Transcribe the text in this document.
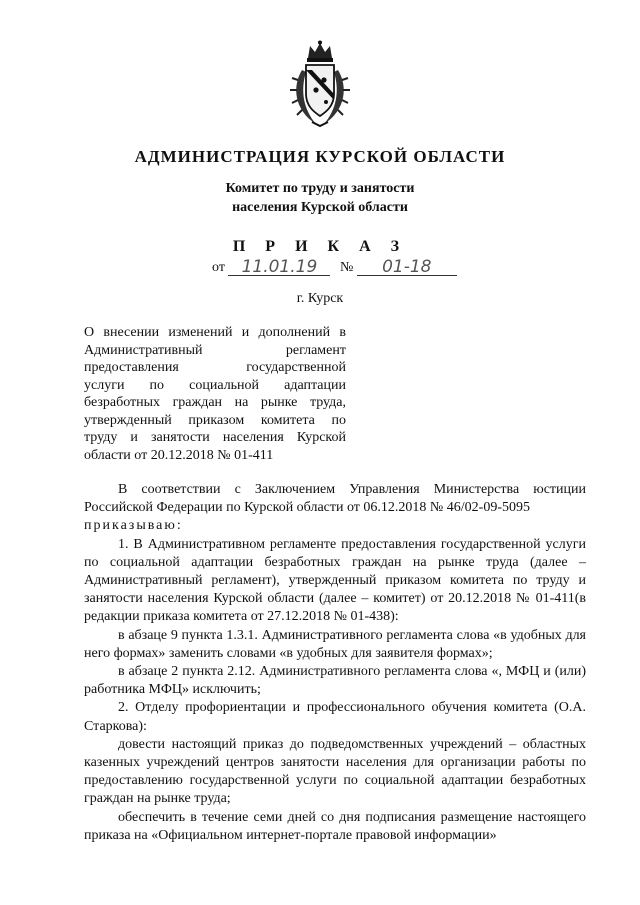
АДМИНИСТРАЦИЯ КУРСКОЙ ОБЛАСТИ
Комитет по труду и занятости
населения Курской области
П Р И К А З
от 11.01.19 № 01-18
г. Курск
О внесении изменений и дополнений в
Административный регламент
предоставления государственной
услуги по социальной адаптации
безработных граждан на рынке труда,
утвержденный приказом комитета по
труду и занятости населения Курской
области от 20.12.2018 № 01-411

В соответствии с Заключением Управления Министерства юстиции Российской Федерации по Курской области от 06.12.2018 № 46/02-09-5095

приказываю:

1. В Административном регламенте предоставления государственной услуги по социальной адаптации безработных граждан на рынке труда (далее – Административный регламент), утвержденный приказом комитета по труду и занятости населения Курской области (далее – комитет) от 20.12.2018 № 01-411(в редакции приказа комитета от 27.12.2018 № 01-438):

в абзаце 9 пункта 1.3.1. Административного регламента слова «в удобных для него формах» заменить словами «в удобных для заявителя формах»;

в абзаце 2 пункта 2.12. Административного регламента слова «, МФЦ и (или) работника МФЦ» исключить;

2. Отделу профориентации и профессионального обучения комитета (О.А. Старкова):

довести настоящий приказ до подведомственных учреждений – областных казенных учреждений центров занятости населения для организации работы по предоставлению государственной услуги по социальной адаптации безработных граждан на рынке труда;

обеспечить в течение семи дней со дня подписания размещение настоящего приказа на «Официальном интернет-портале правовой информации»
